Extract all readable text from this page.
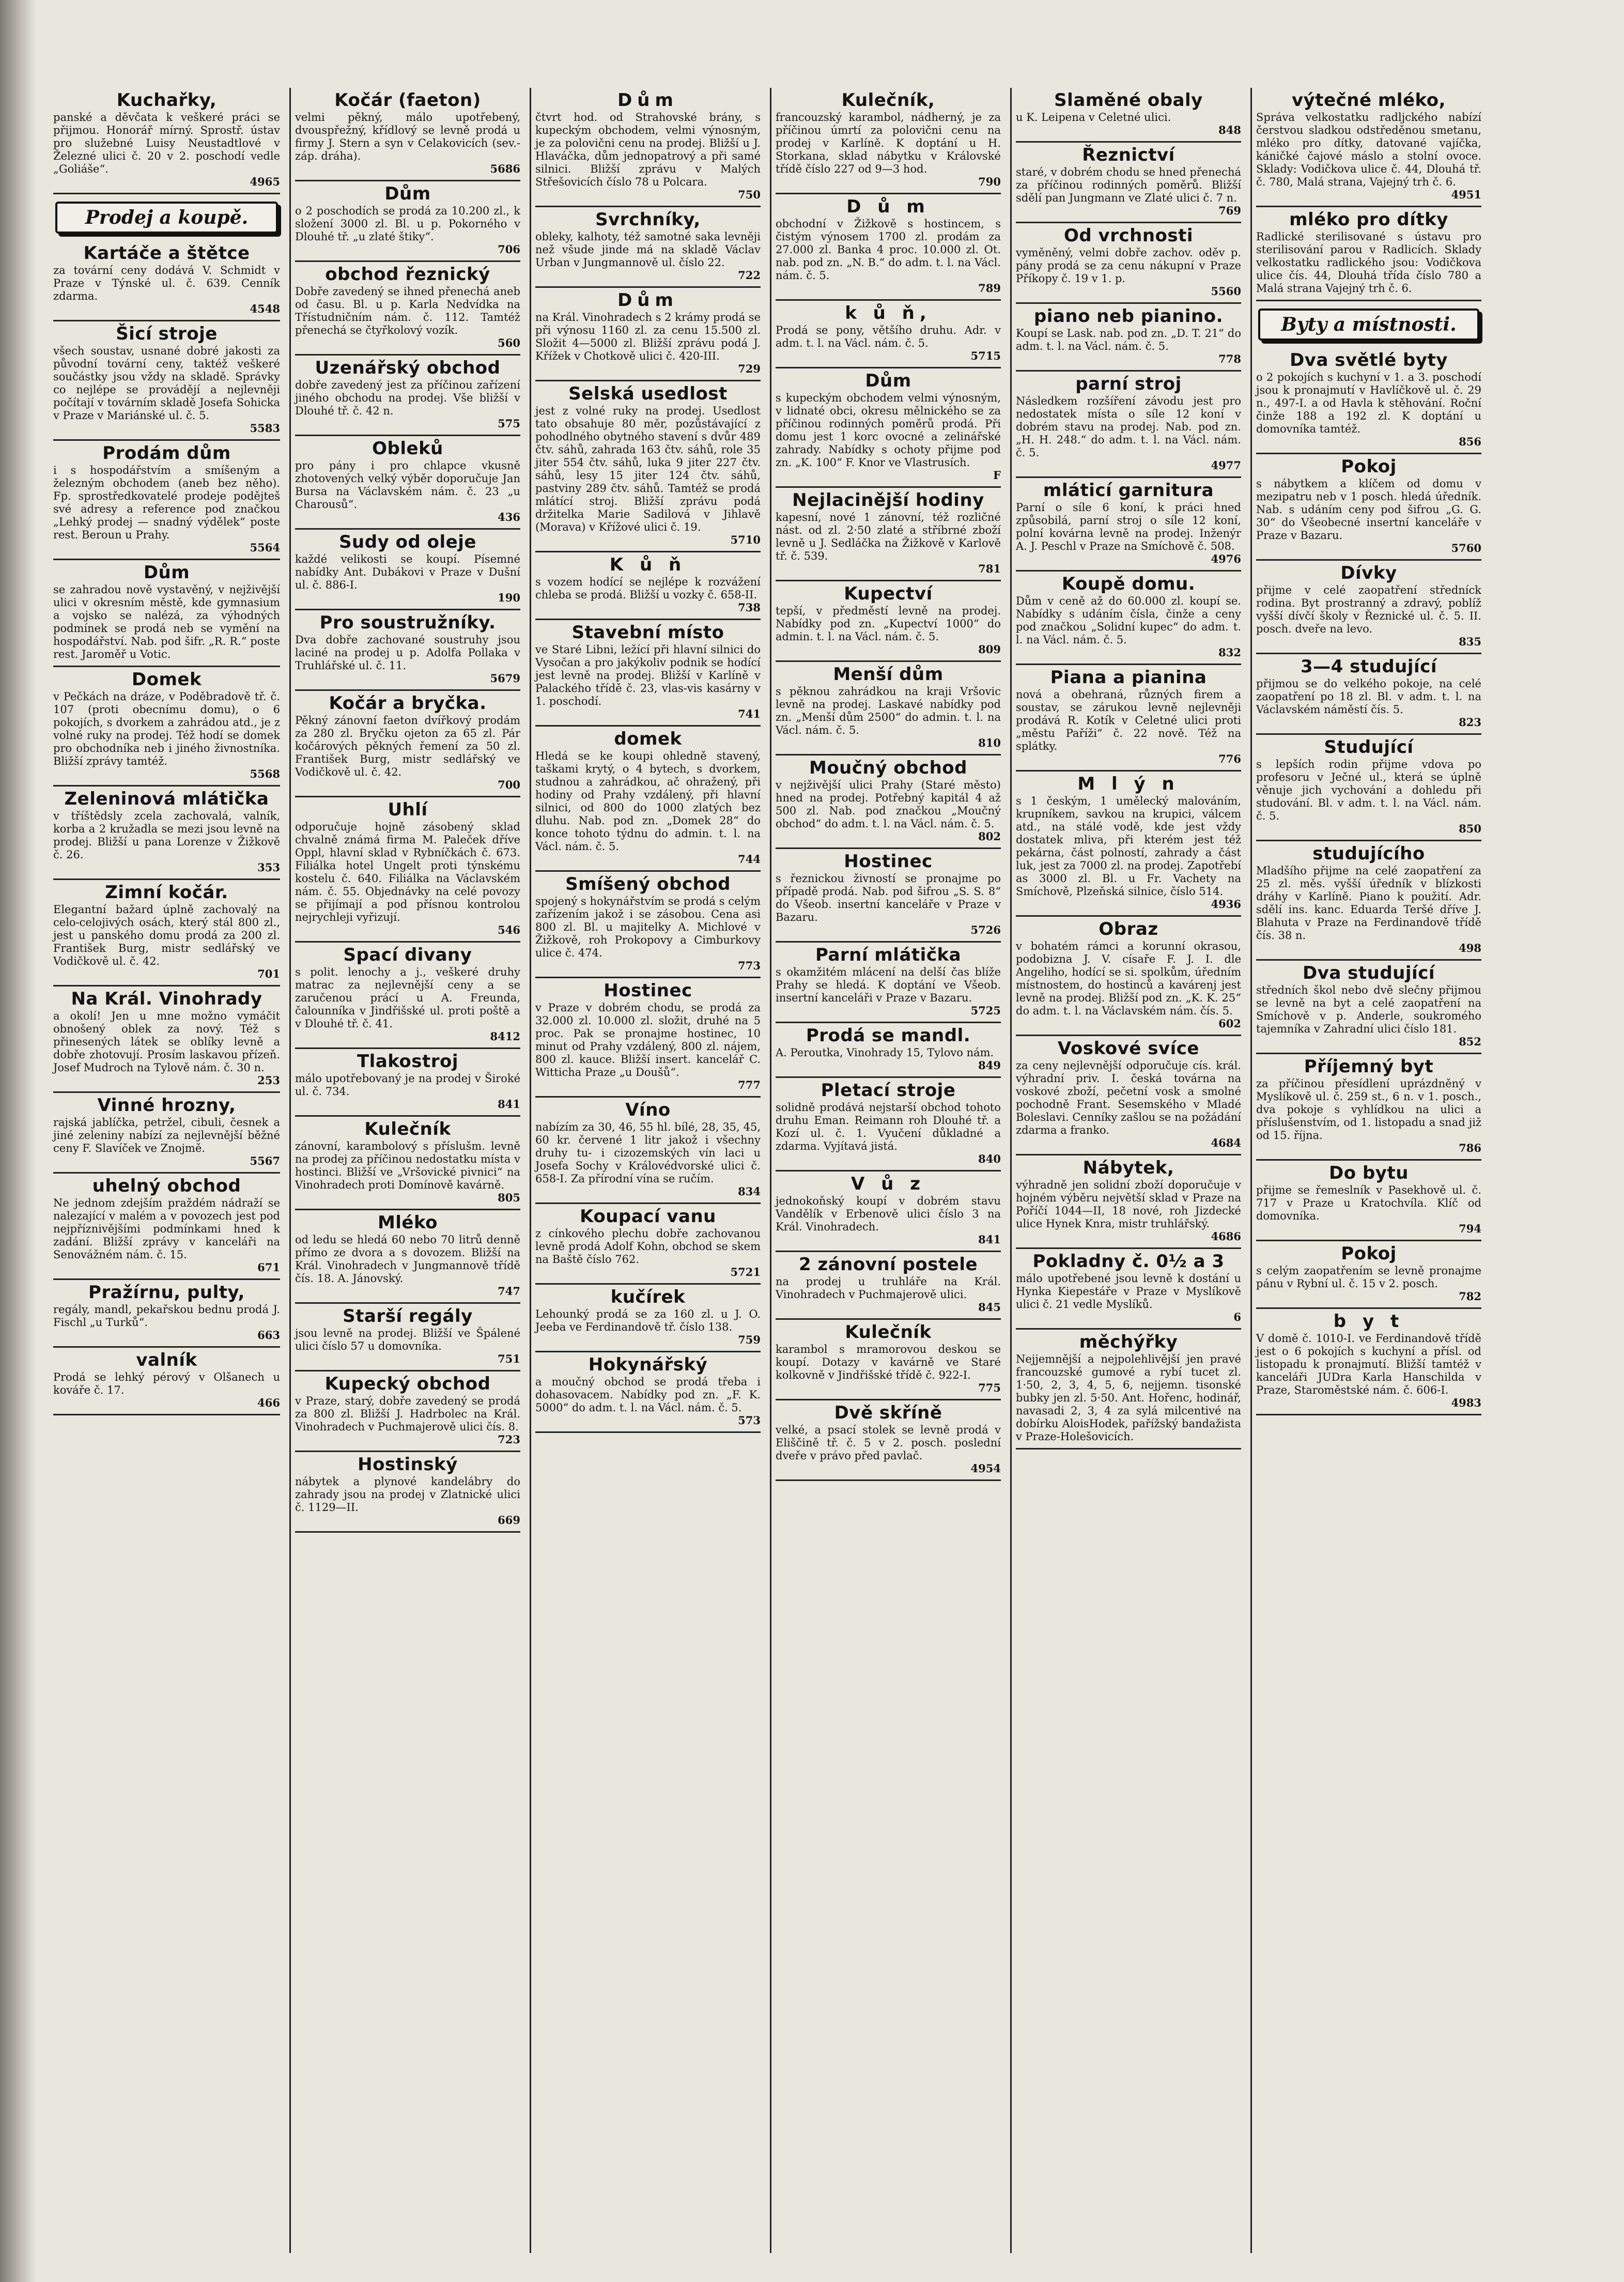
Kuchařky,
panské a děvčata k veškeré práci se přijmou. Honorář mírný. Sprostř. ústav pro služebné Luisy Neustadtlové v Železné ulici č. 20 v 2. poschodí vedle „Goliáše“.
4965
Prodej a koupě.
Kartáče a štětce
za tovární ceny dodává V. Schmidt v Praze v Týnské ul. č. 639. Cenník zdarma.
4548
Šicí stroje
všech soustav, usnané dobré jakosti za původní tovární ceny, taktéž veškeré součástky jsou vždy na skladě. Správky co nejlépe se provádějí a nejlevněji počítají v továrním skladě Josefa Sohicka v Praze v Mariánské ul. č. 5.
5583
Prodám dům
i s hospodářstvím a smíšeným a železným obchodem (aneb bez něho). Fp. sprostředkovatelé prodeje podějteš své adresy a reference pod značkou „Lehký prodej — snadný výdělek“ poste rest. Beroun u Prahy.
5564
Dům
se zahradou nově vystavěný, v nejživější ulici v okresním městě, kde gymnasium a vojsko se nalézá, za výhodných podmínek se prodá neb se vymění na hospodářství. Nab. pod šifr. „R. R.“ poste rest. Jaroměř u Votic.
Domek
v Pečkách na dráze, v Poděbradově tř. č. 107 (proti obecnímu domu), o 6 pokojích, s dvorkem a zahrádou atd., je z volné ruky na prodej. Též hodí se domek pro obchodníka neb i jiného živnostníka. Bližší zprávy tamtéž.
5568
Zeleninová mlátička
v tříštědsly zcela zachovalá, valník, korba a 2 kružadla se mezi jsou levně na prodej. Bližší u pana Lorenze v Žižkově č. 26.
353
Zimní kočár.
Elegantní bažard úplně zachovalý na celo-celojivých osách, který stál 800 zl., jest u panského domu prodá za 200 zl. František Burg, mistr sedlářský ve Vodičkově ul. č. 42.
701
Na Král. Vinohrady
a okolí! Jen u mne možno vymáčit obnošený oblek za nový. Též s přinesených látek se oblíky levně a dobře zhotovují. Prosím laskavou přízeň. Josef Mudroch na Tylově nám. č. 30 n.
253
Vinné hrozny,
rajská jablíčka, petržel, cibuli, česnek a jiné zeleniny nabízí za nejlevnější běžné ceny F. Slavíček ve Znojmě.
5567
uhelný obchod
Ne jednom zdejším praždém nádraží se nalezající v malém a v povozech jest pod nejpříznivějšími podmínkami hned k zadání. Bližší zprávy v kanceláři na Senovážném nám. č. 15.
671
Pražírnu, pulty,
regály, mandl, pekařskou bednu prodá J. Fischl „u Turků“.
663
valník
Prodá se lehký pérový v Olšanech u kováře č. 17.
466
Kočár (faeton)
velmi pěkný, málo upotřebený, dvouspřežný, křídlový se levně prodá u firmy J. Stern a syn v Celakovicích (sev.-záp. dráha).
5686
Dům
o 2 poschodích se prodá za 10.200 zl., k složení 3000 zl. Bl. u p. Pokorného v Dlouhé tř. „u zlaté štiky“.
706
obchod řeznický
Dobře zavedený se ihned přenechá aneb od času. Bl. u p. Karla Nedvídka na Třístudničním nám. č. 112. Tamtéž přenechá se čtyřkolový vozík.
560
Uzenářský obchod
dobře zavedený jest za příčinou zařízení jiného obchodu na prodej. Vše bližší v Dlouhé tř. č. 42 n.
575
Obleků
pro pány i pro chlapce vkusně zhotovených velký výběr doporučuje Jan Bursa na Václavském nám. č. 23 „u Charousů“.
436
Sudy od oleje
každé velikosti se koupí. Písemné nabídky Ant. Dubákovi v Praze v Dušní ul. č. 886-I.
190
Pro soustružníky.
Dva dobře zachované soustruhy jsou laciné na prodej u p. Adolfa Pollaka v Truhlářské ul. č. 11.
5679
Kočár a bryčka.
Pěkný zánovní faeton dvířkový prodám za 280 zl. Bryčku ojeton za 65 zl. Pár kočárových pěkných řemení za 50 zl. František Burg, mistr sedlářský ve Vodičkově ul. č. 42.
700
Uhlí
odporučuje hojně zásobený sklad chvalně známá firma M. Paleček dříve Oppl, hlavní sklad v Rybníčkách č. 673. Filiálka hotel Ungelt proti týnskému kostelu č. 640. Filiálka na Václavském nám. č. 55. Objednávky na celé povozy se přijímají a pod přísnou kontrolou nejrychleji vyřizují.
546
Spací divany
s polit. lenochy a j., veškeré druhy matrac za nejlevnější ceny a se zaručenou prácí u A. Freunda, čalounníka v Jindřišské ul. proti poště a v Dlouhé tř. č. 41.
8412
Tlakostroj
málo upotřebovaný je na prodej v Široké ul. č. 734.
841
Kulečník
zánovní, karambolový s příslušm. levně na prodej za příčinou nedostatku místa v hostinci. Bližší ve „Vršovické pivnici“ na Vinohradech proti Domínově kavárně.
805
Mléko
od ledu se hledá 60 nebo 70 litrů denně přímo ze dvora a s dovozem. Bližší na Král. Vinohradech v Jungmannově třídě čís. 18. A. Jánovský.
747
Starší regály
jsou levně na prodej. Bližší ve Špálené ulici číslo 57 u domovníka.
751
Kupecký obchod
v Praze, starý, dobře zavedený se prodá za 800 zl. Bližší J. Hadrbolec na Král. Vinohradech v Puchmajerově ulici čís. 8.
723
Hostinský
nábytek a plynové kandelábry do zahrady jsou na prodej v Zlatnické ulici č. 1129—II.
669
Dům
čtvrt hod. od Strahovské brány, s kupeckým obchodem, velmi výnosným, je za polovični cenu na prodej. Bližší u J. Hlaváčka, dům jednopatrový a při samé silnici. Bližší zprávu v Malých Střešovicích číslo 78 u Polcara.
750
Svrchníky,
obleky, kalhoty, též samotné saka levněji než všude jinde má na skladě Václav Urban v Jungmannově ul. číslo 22.
722
Dům
na Král. Vinohradech s 2 krámy prodá se při výnosu 1160 zl. za cenu 15.500 zl. Složit 4—5000 zl. Bližší zprávu podá J. Křížek v Chotkově ulici č. 420-III.
729
Selská usedlost
jest z volné ruky na prodej. Usedlost tato obsahuje 80 měr, pozůstávající z pohodlného obytného stavení s dvůr 489 čtv. sáhů, zahrada 163 čtv. sáhů, role 35 jiter 554 čtv. sáhů, luka 9 jiter 227 čtv. sáhů, lesy 15 jiter 124 čtv. sáhů, pastviny 289 čtv. sáhů. Tamtéž se prodá mlátící stroj. Bližší zprávu podá držitelka Marie Sadilová v Jihlavě (Morava) v Křížové ulici č. 19.
5710
K ů ň
s vozem hodící se nejlépe k rozvážení chleba se prodá. Bližší u vozky č. 658-II.
738
Stavební místo
ve Staré Libni, ležící při hlavní silnici do Vysočan a pro jakýkoliv podnik se hodící jest levně na prodej. Bližší v Karlíně v Palackého třídě č. 23, vlas-vis kasárny v 1. poschodí.
741
domek
Hledá se ke koupi ohledně stavený, taškami krytý, o 4 bytech, s dvorkem, studnou a zahrádkou, ač ohražený, při hodiny od Prahy vzdálený, při hlavní silnici, od 800 do 1000 zlatých bez dluhu. Nab. pod zn. „Domek 28“ do konce tohoto týdnu do admin. t. l. na Václ. nám. č. 5.
744
Smíšený obchod
spojený s hokynářstvím se prodá s celým zařízením jakož i se zásobou. Cena asi 800 zl. Bl. u majitelky A. Michlové v Žižkově, roh Prokopovy a Cimburkovy ulice č. 474.
773
Hostinec
v Praze v dobrém chodu, se prodá za 32.000 zl. 10.000 zl. složit, druhé na 5 proc. Pak se pronajme hostinec, 10 minut od Prahy vzdálený, 800 zl. nájem, 800 zl. kauce. Bližší insert. kancelář C. Witticha Praze „u Doušů“.
777
Víno
nabízím za 30, 46, 55 hl. bílé, 28, 35, 45, 60 kr. červené 1 litr jakož i všechny druhy tu- i cizozemských vín laci u Josefa Sochy v Královédvorské ulici č. 658-I. Za přírodní vína se ručím.
834
Koupací vanu
z cínkového plechu dobře zachovanou levně prodá Adolf Kohn, obchod se skem na Baště číslo 762.
5721
kučírek
Lehounký prodá se za 160 zl. u J. O. Jeeba ve Ferdinandově tř. číslo 138.
759
Hokynářský
a moučný obchod se prodá třeba i dohasovacem. Nabídky pod zn. „F. K. 5000“ do adm. t. l. na Václ. nám. č. 5.
573
Kulečník,
francouzský karambol, nádherný, je za příčinou úmrtí za polovični cenu na prodej v Karlíně. K doptání u H. Storkana, sklad nábytku v Královské třídě číslo 227 od 9—3 hod.
790
D ů m
obchodní v Žižkově s hostincem, s čistým výnosem 1700 zl. prodám za 27.000 zl. Banka 4 proc. 10.000 zl. Ot. nab. pod zn. „N. B.“ do adm. t. l. na Václ. nám. č. 5.
789
k ů ň,
Prodá se pony, většího druhu. Adr. v adm. t. l. na Václ. nám. č. 5.
5715
Dům
s kupeckým obchodem velmi výnosným, v lidnaté obci, okresu mělnického se za příčinou rodinných poměrů prodá. Při domu jest 1 korc ovocné a zelinářské zahrady. Nabídky s ochoty přijme pod zn. „K. 100“ F. Knor ve Vlastrusích.
F
Nejlacinější hodiny
kapesní, nové 1 zánovní, též rozličné nást. od zl. 2·50 zlaté a stříbrné zboží levně u J. Sedláčka na Žižkově v Karlově tř. č. 539.
781
Kupectví
tepší, v předměstí levně na prodej. Nabídky pod zn. „Kupectví 1000“ do admin. t. l. na Václ. nám. č. 5.
809
Menší dům
s pěknou zahrádkou na kraji Vršovic levně na prodej. Laskavé nabídky pod zn. „Menší dům 2500“ do admin. t. l. na Václ. nám. č. 5.
810
Moučný obchod
v nejživější ulici Prahy (Staré město) hned na prodej. Potřebný kapitál 4 až 500 zl. Nab. pod značkou „Moučný obchod“ do adm. t. l. na Václ. nám. č. 5.
802
Hostinec
s řeznickou živností se pronajme po případě prodá. Nab. pod šifrou „S. S. 8“ do Všeob. insertní kanceláře v Praze v Bazaru.
5726
Parní mlátička
s okamžitém mlácení na delší čas blíže Prahy se hledá. K doptání ve Všeob. insertní kanceláři v Praze v Bazaru.
5725
Prodá se mandl.
A. Peroutka, Vinohrady 15, Tylovo nám.
849
Pletací stroje
solidně prodává nejstarší obchod tohoto druhu Eman. Reimann roh Dlouhé tř. a Kozí ul. č. 1. Vyučení důkladné a zdarma. Vyjítavá jistá.
840
V ů z
jednokoňský koupí v dobrém stavu Vandělík v Erbenově ulici číslo 3 na Král. Vinohradech.
841
2 zánovní postele
na prodej u truhláře na Král. Vinohradech v Puchmajerově ulici.
845
Kulečník
karambol s mramorovou deskou se koupí. Dotazy v kavárně ve Staré kolkovně v Jindřišské třídě č. 922-I.
775
Dvě skříně
velké, a psací stolek se levně prodá v Eliščině tř. č. 5 v 2. posch. poslední dveře v právo před pavlač.
4954
Slaměné obaly
u K. Leipena v Celetné ulici.
848
Řeznictví
staré, v dobrém chodu se hned přenechá za příčinou rodinných poměrů. Bližší sdělí pan Jungmann ve Zlaté ulici č. 7 n.
769
Od vrchnosti
vyměněný, velmi dobře zachov. oděv p. pány prodá se za cenu nákupní v Praze Příkopy č. 19 v 1. p.
5560
piano neb pianino.
Koupí se Lask. nab. pod zn. „D. T. 21“ do adm. t. l. na Václ. nám. č. 5.
778
parní stroj
Následkem rozšíření závodu jest pro nedostatek místa o síle 12 koní v dobrém stavu na prodej. Nab. pod zn. „H. H. 248.“ do adm. t. l. na Václ. nám. č. 5.
4977
mláticí garnitura
Parní o síle 6 koní, k práci hned způsobilá, parní stroj o síle 12 koní, polní kovárna levně na prodej. Inženýr A. J. Peschl v Praze na Smíchově č. 508.
4976
Koupě domu.
Dům v ceně až do 60.000 zl. koupí se. Nabídky s udáním čísla, činže a ceny pod značkou „Solidní kupec“ do adm. t. l. na Václ. nám. č. 5.
832
Piana a pianina
nová a obehraná, různých firem a soustav, se zárukou levně nejlevněji prodává R. Kotík v Celetné ulici proti „městu Paříži“ č. 22 nově. Též na splátky.
776
M l ý n
s 1 českým, 1 umělecký malováním, krupníkem, savkou na krupici, válcem atd., na stálé vodě, kde jest vždy dostatek mlivа, při kterém jest též pekárna, část polností, zahrady a část luk, jest za 7000 zl. na prodej. Zapotřebí as 3000 zl. Bl. u Fr. Vachety na Smíchově, Plzeňská silnice, číslo 514.
4936
Obraz
v bohatém rámci a korunní okrasou, podobizna J. V. císaře F. J. I. dle Angeliho, hodící se si. spolkům, úředním místnostem, do hostinců a kavárenj jest levně na prodej. Bližší pod zn. „K. K. 25“ do adm. t. l. na Václavském nám. čís. 5.
602
Voskové svíce
za ceny nejlevnější odporučuje cís. král. výhradní priv. I. česká továrna na voskové zboží, pečetní vosk a smolné pochodně Frant. Sesemského v Mladé Boleslavi. Cenníky zašlou se na požádání zdarma a franko.
4684
Nábytek,
výhradně jen solidní zboží doporučuje v hojném výběru největší sklad v Praze na Poříčí 1044—II, 18 nové, roh Jizdecké ulice Hynek Knra, mistr truhlářský.
4686
Pokladny č. 0½ a 3
málo upotřebené jsou levně k dostání u Hynka Kiepestáře v Praze v Myslíkově ulici č. 21 vedle Myslíků.
6
měchýřky
Nejjemnější a nejpolehlivější jen pravé francouzské gumové a rybí tucet zl. 1·50, 2, 3, 4, 5, 6, nejjemn. tisonské bubky jen zl. 5·50. Ant. Hořenc, hodinář, navasadi 2, 3, 4 za sylá milcentivé na dobírku AloisHodek, pařížský bandažista v Praze-Holešovicích.
výtečné mléko,
Správa velkostatku radljckého nabízí čerstvou sladkou odstředěnou smetanu, mléko pro dítky, datované vajíčka, káničké čajové máslo a stolní ovoce. Sklady: Vodičkova ulice č. 44, Dlouhá tř. č. 780, Malá strana, Vajejný trh č. 6.
4951
mléko pro dítky
Radlické sterilisované s ústavu pro sterilisování parou v Radlicích. Sklady velkostatku radlického jsou: Vodičkova ulice čís. 44, Dlouhá třída číslo 780 a Malá strana Vajejný trh č. 6.
Byty a místnosti.
Dva světlé byty
o 2 pokojích s kuchyní v 1. a 3. poschodí jsou k pronajmutí v Havlíčkově ul. č. 29 n., 497-I. a od Havla k stěhování. Roční činže 188 a 192 zl. K doptání u domovníka tamtéž.
856
Pokoj
s nábytkem a klíčem od domu v mezipatru neb v 1 posch. hledá úředník. Nab. s udáním ceny pod šifrou „G. G. 30“ do Všeobecné insertní kanceláře v Praze v Bazaru.
5760
Dívky
přijme v celé zaopatření středníck rodina. Byt prostranný a zdravý, poblíž vyšší dívčí školy v Řeznické ul. č. 5. II. posch. dveře na levo.
835
3—4 studující
přijmou se do velkého pokoje, na celé zaopatření po 18 zl. Bl. v adm. t. l. na Václavském náměstí čís. 5.
823
Studující
s lepších rodin přijme vdova po profesoru v Ječné ul., která se úplně věnuje jich vychování a dohledu při studování. Bl. v adm. t. l. na Václ. nám. č. 5.
850
studujícího
Mladšího přijme na celé zaopatření za 25 zl. měs. vyšší úředník v blízkosti dráhy v Karlíně. Piano k použití. Adr. sdělí ins. kanc. Eduarda Teršé dříve J. Blahuta v Praze na Ferdinandově třídě čís. 38 n.
498
Dva studující
středních škol nebo dvě slečny přijmou se levně na byt a celé zaopatření na Smíchově v p. Anderle, soukromého tajemníka v Zahradní ulici číslo 181.
852
Příjemný byt
za příčinou přesídlení uprázdněný v Myslíkově ul. č. 259 st., 6 n. v 1. posch., dva pokoje s vyhlídkou na ulici a příslušenstvím, od 1. listopadu a snad již od 15. října.
786
Do bytu
přijme se řemeslník v Pasekhově ul. č. 717 v Praze u Kratochvíla. Klíč od domovníka.
794
Pokoj
s celým zaopatřením se levně pronajme pánu v Rybní ul. č. 15 v 2. posch.
782
b y t
V domě č. 1010-I. ve Ferdinandově třídě jest o 6 pokojích s kuchyní a přísl. od listopadu k pronajmutí. Bližší tamtéž v kanceláři JUDra Karla Hanschilda v Praze, Staroměstské nám. č. 606-I.
4983
